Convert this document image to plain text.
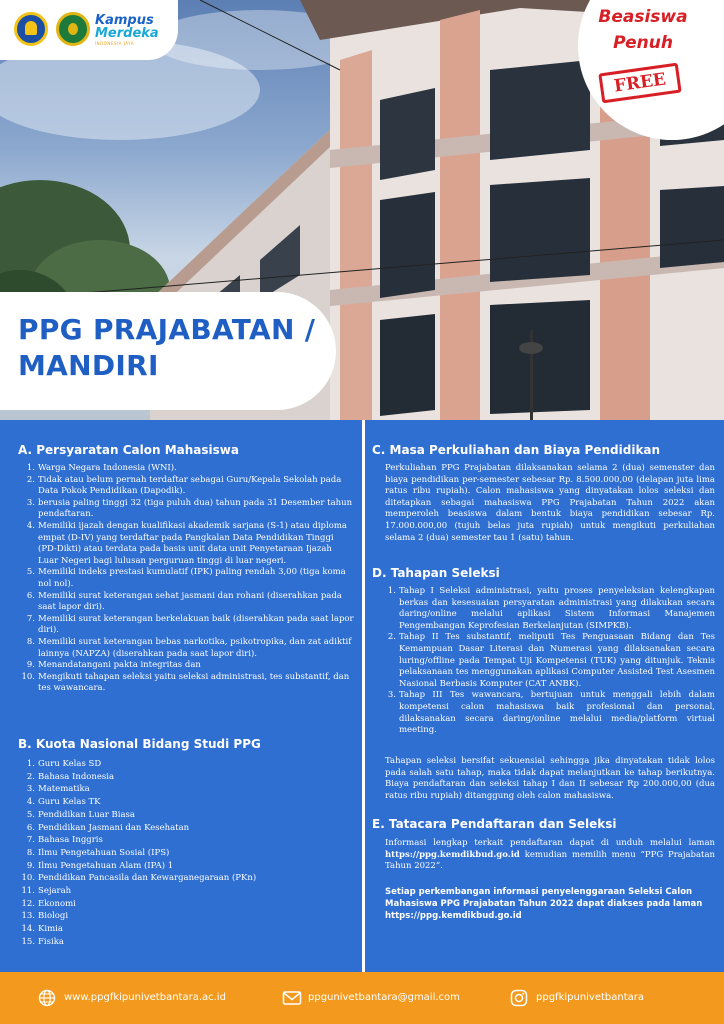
Kampus
Merdeka
INDONESIA JAYA
Beasiswa
Penuh
FREE
PPG PRAJABATAN /
MANDIRI
A. Persyaratan Calon Mahasiswa
1. Warga Negara Indonesia (WNI).
2. Tidak atau belum pernah terdaftar sebagai Guru/Kepala Sekolah pada Data Pokok Pendidikan (Dapodik).
3. berusia paling tinggi 32 (tiga puluh dua) tahun pada 31 Desember tahun pendaftaran.
4. Memiliki ijazah dengan kualifikasi akademik sarjana (S-1) atau diploma empat (D-IV) yang terdaftar pada Pangkalan Data Pendidikan Tinggi (PD-Dikti) atau terdata pada basis unit data unit Penyetaraan Ijazah Luar Negeri bagi lulusan perguruan tinggi di luar negeri.
5. Memiliki indeks prestasi kumulatif (IPK) paling rendah 3,00 (tiga koma nol nol).
6. Memiliki surat keterangan sehat jasmani dan rohani (diserahkan pada saat lapor diri).
7. Memiliki surat keterangan berkelakuan baik (diserahkan pada saat lapor diri).
8. Memiliki surat keterangan bebas narkotika, psikotropika, dan zat adiktif lainnya (NAPZA) (diserahkan pada saat lapor diri).
9. Menandatangani pakta integritas dan
10. Mengikuti tahapan seleksi yaitu seleksi administrasi, tes substantif, dan tes wawancara.
B. Kuota Nasional Bidang Studi PPG
1. Guru Kelas SD
2. Bahasa Indonesia
3. Matematika
4. Guru Kelas TK
5. Pendidikan Luar Biasa
6. Pendidikan Jasmani dan Kesehatan
7. Bahasa Inggris
8. Ilmu Pengetahuan Sosial (IPS)
9. Ilmu Pengetahuan Alam (IPA) 1
10. Pendidikan Pancasila dan Kewarganegaraan (PKn)
11. Sejarah
12. Ekonomi
13. Biologi
14. Kimia
15. Fisika
C. Masa Perkuliahan dan Biaya Pendidikan

Perkuliahan PPG Prajabatan dilaksanakan selama 2 (dua) semenster dan biaya pendidikan per-semester sebesar Rp. 8.500.000,00 (delapan juta lima ratus ribu rupiah). Calon mahasiswa yang dinyatakan lolos seleksi dan ditetapkan sebagai mahasiswa PPG Prajabatan Tahun 2022 akan memperoleh beasiswa dalam bentuk biaya pendidikan sebesar Rp. 17.000.000,00 (tujuh belas juta rupiah) untuk mengikuti perkuliahan selama 2 (dua) semester tau 1 (satu) tahun.

D. Tahapan Seleksi
1. Tahap I Seleksi administrasi, yaitu proses penyeleksian kelengkapan berkas dan kesesuaian persyaratan administrasi yang dilakukan secara daring/online melalui aplikasi Sistem Informasi Manajemen Pengembangan Keprofesian Berkelanjutan (SIMPKB).
2. Tahap II Tes substantif, meliputi Tes Penguasaan Bidang dan Tes Kemampuan Dasar Literasi dan Numerasi yang dilaksanakan secara luring/offline pada Tempat Uji Kompetensi (TUK) yang ditunjuk. Teknis pelaksanaan tes menggunakan aplikasi Computer Assisted Test Asesmen Nasional Berbasis Komputer (CAT ANBK).
3. Tahap III Tes wawancara, bertujuan untuk menggali lebih dalam kompetensi calon mahasiswa baik profesional dan personal, dilaksanakan secara daring/online melalui media/platform virtual meeting.

Tahapan seleksi bersifat sekuensial sehingga jika dinyatakan tidak lolos pada salah satu tahap, maka tidak dapat melanjutkan ke tahap berikutnya. Biaya pendaftaran dan seleksi tahap I dan II sebesar Rp 200.000,00 (dua ratus ribu rupiah) ditanggung oleh calon mahasiswa.

E. Tatacara Pendaftaran dan Seleksi

Informasi lengkap terkait pendaftaran dapat di unduh melalui laman https://ppg.kemdikbud.go.id kemudian memilih menu “PPG Prajabatan Tahun 2022”.

Setiap perkembangan informasi penyelenggaraan Seleksi Calon Mahasiswa PPG Prajabatan Tahun 2022 dapat diakses pada laman https://ppg.kemdikbud.go.id

www.ppgfkipunivetbantara.ac.id	ppgunivetbantara@gmail.com	ppgfkipunivetbantara
